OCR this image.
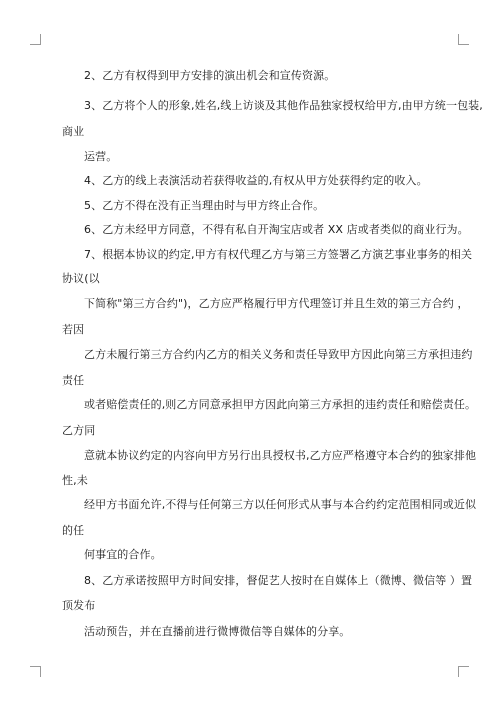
2、乙方有权得到甲方安排的演出机会和宣传资源。
3、乙方将个人的形象,姓名,线上访谈及其他作品独家授权给甲方,由甲方统一包装,
商业
运营。
4、乙方的线上表演活动若获得收益的,有权从甲方处获得约定的收入。
5、乙方不得在没有正当理由时与甲方终止合作。
6、乙方未经甲方同意，不得有私自开淘宝店或者 XX 店或者类似的商业行为。
7、根据本协议的约定,甲方有权代理乙方与第三方签署乙方演艺事业事务的相关
协议(以
下简称"第三方合约")，乙方应严格履行甲方代理签订并且生效的第三方合约 ，
若因
乙方未履行第三方合约内乙方的相关义务和责任导致甲方因此向第三方承担违约
责任
或者赔偿责任的,则乙方同意承担甲方因此向第三方承担的违约责任和赔偿责任。
乙方同
意就本协议约定的内容向甲方另行出具授权书,乙方应严格遵守本合约的独家排他
性,未
经甲方书面允许,不得与任何第三方以任何形式从事与本合约约定范围相同或近似
的任
何事宜的合作。
8、乙方承诺按照甲方时间安排，督促艺人按时在自媒体上（微博、微信等 ）置
顶发布
活动预告，并在直播前进行微博微信等自媒体的分享。
